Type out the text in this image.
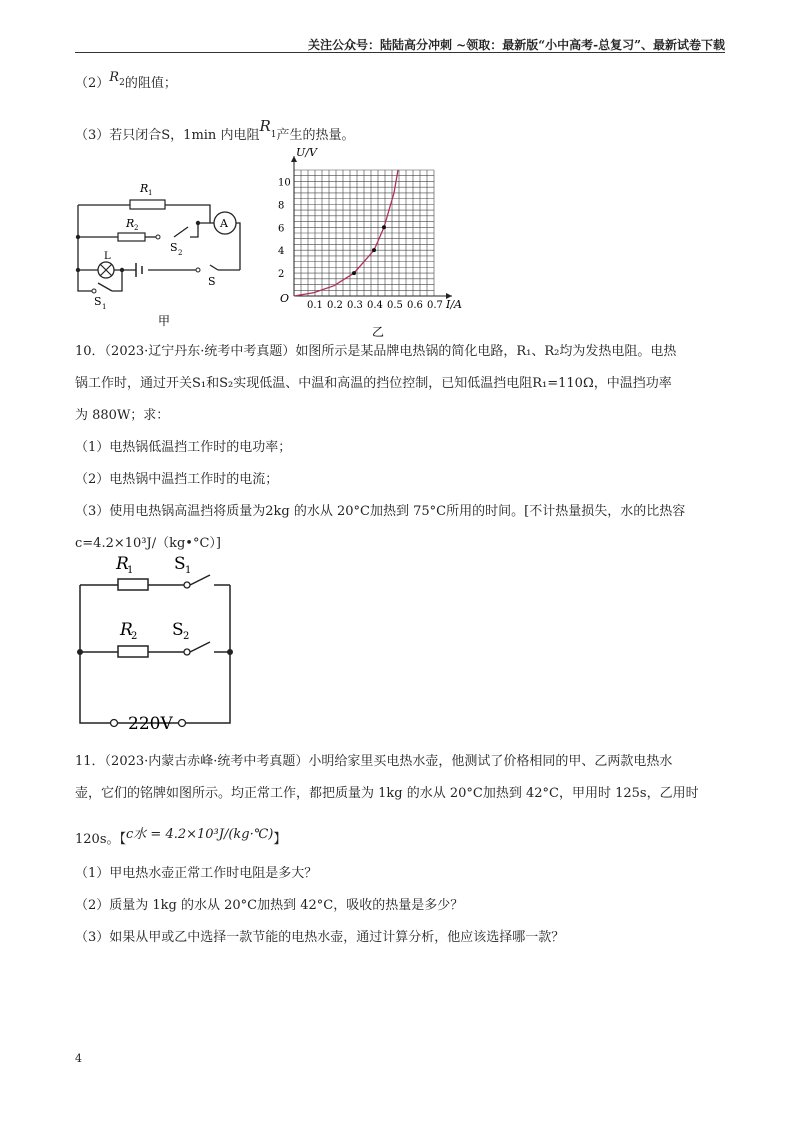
关注公众号：陆陆高分冲刺 ~领取：最新版“小中高考-总复习”、最新试卷下载
（2）R2的阻值；
（3）若只闭合S，1min 内电阻R1产生的热量。
A
R 1
R 2
S 2
L
S
S 1
甲
0.1 0.2 0.3 0.4 0.5 0.6 0.7
2
4
6
8
10
U/V
I/A
O
乙
10．（2023·辽宁丹东·统考中考真题）如图所示是某品牌电热锅的简化电路，R₁、R₂均为发热电阻。电热
锅工作时，通过开关S₁和S₂实现低温、中温和高温的挡位控制，已知低温挡电阻R₁=110Ω，中温挡功率
为 880W；求：
（1）电热锅低温挡工作时的电功率；
（2）电热锅中温挡工作时的电流；
（3）使用电热锅高温挡将质量为2kg 的水从 20°C加热到 75°C所用的时间。[不计热量损失，水的比热容
c=4.2×10³J/（kg•°C）]
R
1 S 1
R
2 S 2
220V
11．（2023·内蒙古赤峰·统考中考真题）小明给家里买电热水壶，他测试了价格相同的甲、乙两款电热水
壶，它们的铭牌如图所示。均正常工作，都把质量为 1kg 的水从 20°C加热到 42°C，甲用时 125s，乙用时
120s。【c水 = 4.2×10³J/(kg·℃)】
（1）甲电热水壶正常工作时电阻是多大？
（2）质量为 1kg 的水从 20°C加热到 42°C，吸收的热量是多少？
（3）如果从甲或乙中选择一款节能的电热水壶，通过计算分析，他应该选择哪一款？
4
